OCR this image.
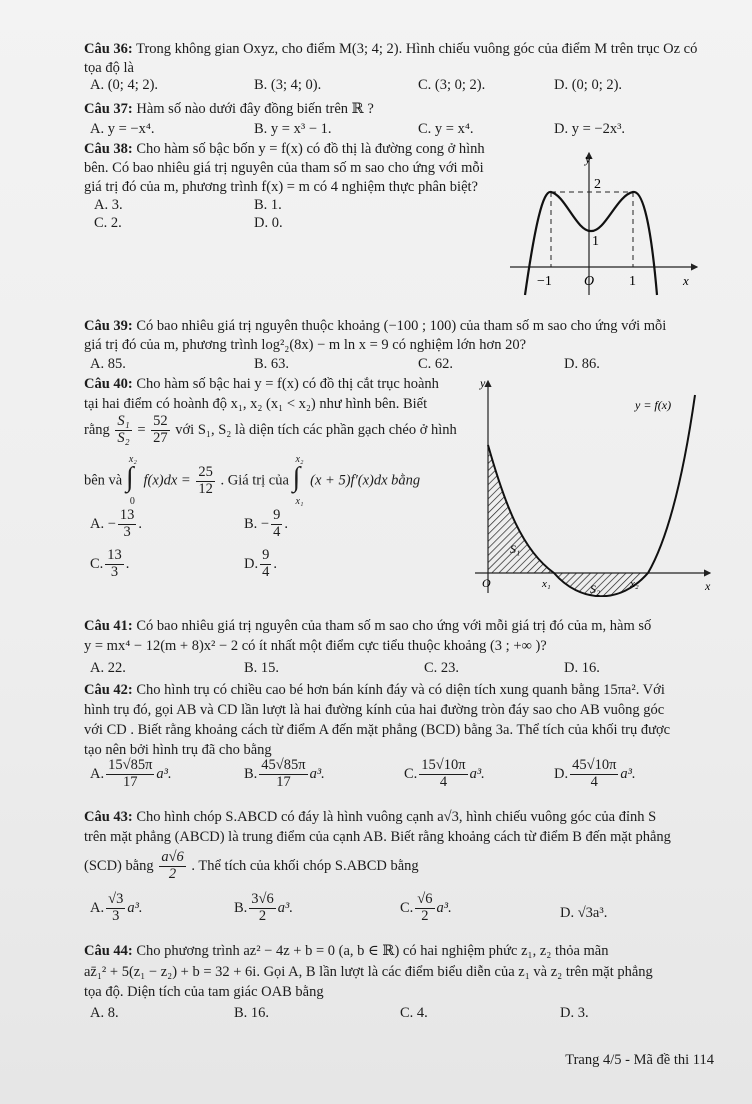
Câu 36: Trong không gian Oxyz, cho điểm M(3; 4; 2). Hình chiếu vuông góc của điểm M trên trục Oz có tọa độ là
A. (0; 4; 2).	B. (3; 4; 0).	C. (3; 0; 2).	D. (0; 0; 2).
Câu 37: Hàm số nào dưới đây đồng biến trên ℝ ?
A. y = −x⁴.	B. y = x³ − 1.	C. y = x⁴.	D. y = −2x³.
Câu 38: Cho hàm số bậc bốn y = f(x) có đồ thị là đường cong ở hình
bên. Có bao nhiêu giá trị nguyên của tham số m sao cho ứng với mỗi
giá trị đó của m, phương trình f(x) = m có 4 nghiệm thực phân biệt?
A. 3.	B. 1.
C. 2.	D. 0.
y
x
2
1
−1 O 1
Câu 39: Có bao nhiêu giá trị nguyên thuộc khoảng (−100 ; 100) của tham số m sao cho ứng với mỗi
giá trị đó của m, phương trình log²₂(8x) − m ln x = 9 có nghiệm lớn hơn 20?
A. 85.	B. 63.	C. 62.	D. 86.
Câu 40: Cho hàm số bậc hai y = f(x) có đồ thị cắt trục hoành
tại hai điểm có hoành độ x₁, x₂ (x₁ < x₂) như hình bên. Biết
rằng $\frac{\text{S₁}}{\text{S₂}} = \frac{52}{27}$ với S₁, S₂ là diện tích các phần gạch chéo ở hình
bên và
x₂
∫
0
$f(x)dx = \frac{25}{12}$ . Giá trị của
x₂
∫
x₁
(x + 5)f′(x)dx bằng
A. − $\frac{13}{3}$ .	B. − $\frac{9}{4}$ .
C. $\frac{13}{3}$ .	D. $\frac{9}{4}$ .
y
x
y = f(x)
O	x₁	x₂
S₁
S₂
Câu 41: Có bao nhiêu giá trị nguyên của tham số m sao cho ứng với mỗi giá trị đó của m, hàm số
y = mx⁴ − 12(m + 8)x² − 2 có ít nhất một điểm cực tiểu thuộc khoảng (3 ; +∞ )?
A. 22.	B. 15.	C. 23.	D. 16.
Câu 42: Cho hình trụ có chiều cao bé hơn bán kính đáy và có diện tích xung quanh bằng 15πa². Với
hình trụ đó, gọi AB và CD lần lượt là hai đường kính của hai đường tròn đáy sao cho AB vuông góc
với CD . Biết rằng khoảng cách từ điểm A đến mặt phẳng (BCD) bằng 3a. Thể tích của khối trụ được
tạo nên bởi hình trụ đã cho bằng
A. $\frac{15√85\pi}{17} a^3$.	B. $\frac{45√85\pi}{17} a^3$.	C. $\frac{15√10\pi}{4} a^3$.	D. $\frac{45√10\pi}{4} a^3$.
Câu 43: Cho hình chóp S.ABCD có đáy là hình vuông cạnh a√3, hình chiếu vuông góc của đỉnh S
trên mặt phẳng (ABCD) là trung điểm của cạnh AB. Biết rằng khoảng cách từ điểm B đến mặt phẳng
(SCD) bằng $\frac{a√6}{2}$ . Thể tích của khối chóp S.ABCD bằng
A. $\frac{√3}{3} a^3$.	B. $\frac{3√6}{2} a^3$.	C. $\frac{√6}{2} a^3$.	D. √3a³.
Câu 44: Cho phương trình az² − 4z + b = 0 (a, b ∈ ℝ) có hai nghiệm phức z₁, z₂ thỏa mãn
az̄₁² + 5(z₁ − z₂) + b = 32 + 6i. Gọi A, B lần lượt là các điểm biểu diễn của z₁ và z₂ trên mặt phẳng
tọa độ. Diện tích của tam giác OAB bằng
A. 8.	B. 16.	C. 4.	D. 3.
Trang 4/5 - Mã đề thi 114
